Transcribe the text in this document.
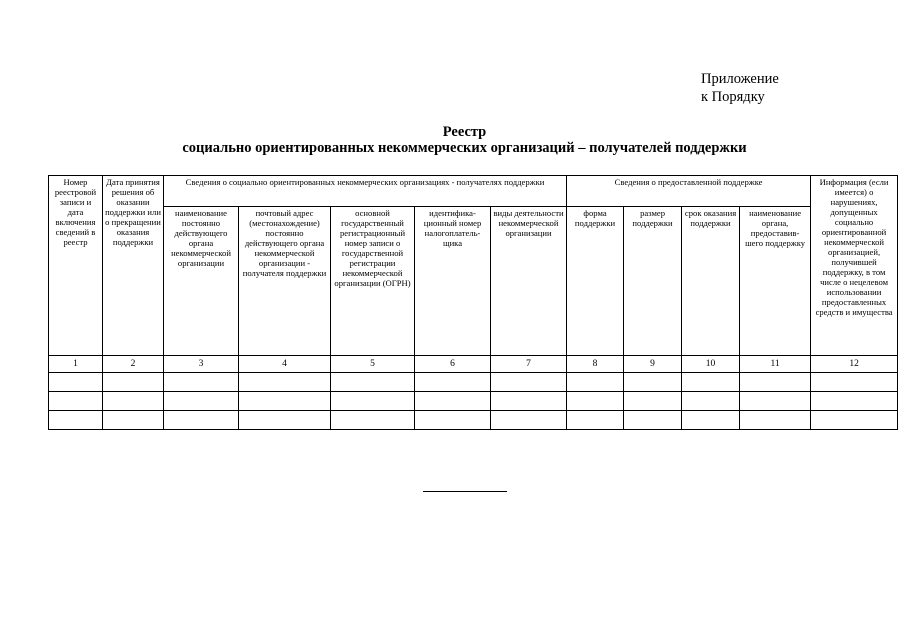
Приложение
к Порядку
Реестр
социально ориентированных некоммерческих организаций – получателей поддержки
Номер реестровой записи и дата включения сведений в реестр	Дата принятия решения об оказании поддержки или о прекращении оказания поддержки	Сведения о социально ориентированных некоммерческих организациях - получателях поддержки					Сведения о предоставленной поддержке				Информация (если имеется) о нарушениях, допущенных социально ориентированной некоммерческой организацией, получившей поддержку, в том числе о нецелевом использовании предоставленных средств и имущества
		наименование постоянно действующего органа некоммерческой организации	почтовый адрес (местонахождение) постоянно действующего органа некоммерческой организации - получателя поддержки	основной государственный регистрационный номер записи о государственной регистрации некоммерческой организации (ОГРН)	идентифика-ционный номер налогоплатель-щика	виды деятельности некоммерческой организации	форма поддержки	размер поддержки	срок оказания поддержки	наименование органа, предоставив-шего поддержку	
1	2	3	4	5	6	7	8	9	10	11	12
